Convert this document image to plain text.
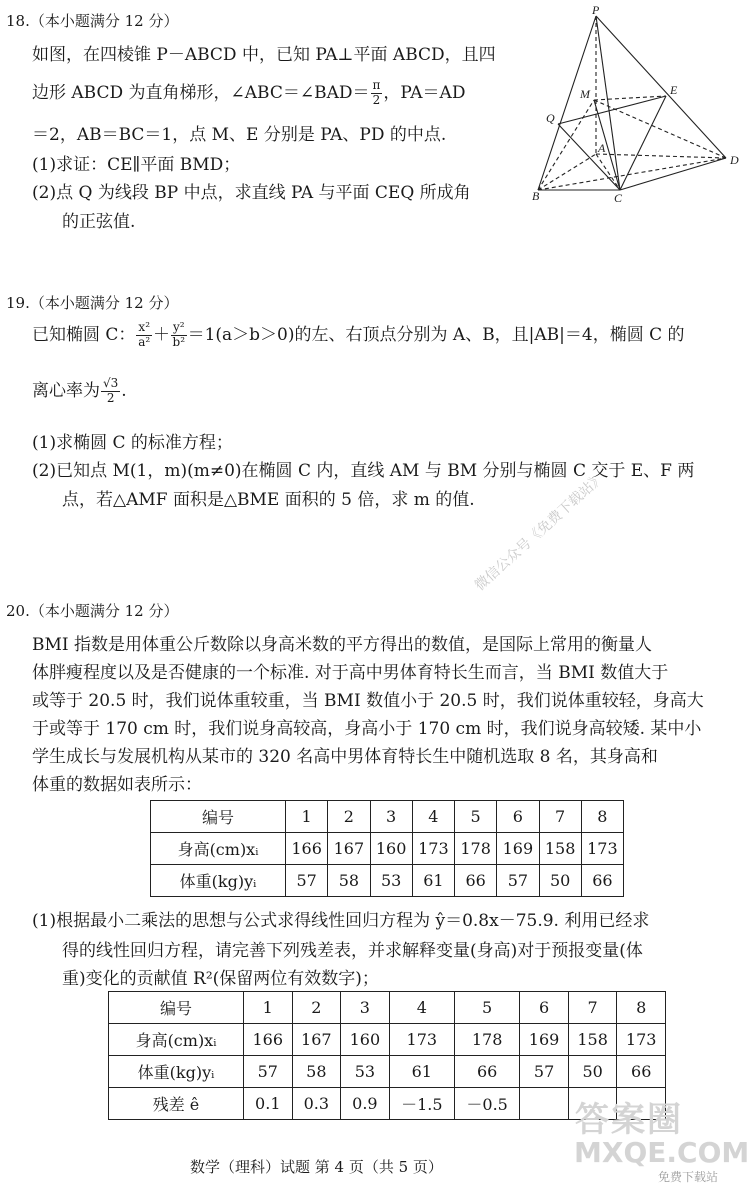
18.（本小题满分 12 分）
如图，在四棱锥 P－ABCD 中，已知 PA⊥平面 ABCD，且四
边形 ABCD 为直角梯形，∠ABC＝∠BAD＝ $\frac{\pi}{2}$ ，PA＝AD
＝2，AB＝BC＝1，点 M、E 分别是 PA、PD 的中点.
(1)求证：CE∥平面 BMD；
(2)点 Q 为线段 BP 中点，求直线 PA 与平面 CEQ 所成角
的正弦值.
P
E
M
Q
A
D
B	C
19.（本小题满分 12 分）
已知椭圆 C： $\frac{\text{x²}}{\text{a²}} + \frac{\text{y²}}{\text{b²}} =1(a>b>0)$的左、右顶点分别为 A、B，且|AB|＝4，椭圆 C 的
离心率为 $\frac{√3}{2}$ .
(1)求椭圆 C 的标准方程；
(2)已知点 M(1，m)(m≠0)在椭圆 C 内，直线 AM 与 BM 分别与椭圆 C 交于 E、F 两
点，若△AMF 面积是△BME 面积的 5 倍，求 m 的值.
20.（本小题满分 12 分）
BMI 指数是用体重公斤数除以身高米数的平方得出的数值，是国际上常用的衡量人
体胖瘦程度以及是否健康的一个标准. 对于高中男体育特长生而言，当 BMI 数值大于
或等于 20.5 时，我们说体重较重，当 BMI 数值小于 20.5 时，我们说体重较轻，身高大
于或等于 170 cm 时，我们说身高较高，身高小于 170 cm 时，我们说身高较矮. 某中小
学生成长与发展机构从某市的 320 名高中男体育特长生中随机选取 8 名，其身高和
体重的数据如表所示：
编号	1	2	3	4	5	6	7	8
身高(cm)xᵢ	166	167	160	173	178	169	158	173
体重(kg)yᵢ	57	58	53	61	66	57	50	66
(1)根据最小二乘法的思想与公式求得线性回归方程为 ŷ＝0.8x－75.9. 利用已经求
得的线性回归方程，请完善下列残差表，并求解释变量(身高)对于预报变量(体
重)变化的贡献值 R²(保留两位有效数字)；
编号	1	2	3	4	5	6	7	8
身高(cm)xᵢ	166	167	160	173	178	169	158	173
体重(kg)yᵢ	57	58	53	61	66	57	50	66
残差 ê	0.1	0.3	0.9	－1.5	－0.5			
数学（理科）试题 第 4 页（共 5 页）
微信公众号《免费下载站》
答案圈
MXQE.COM
免费下载站
